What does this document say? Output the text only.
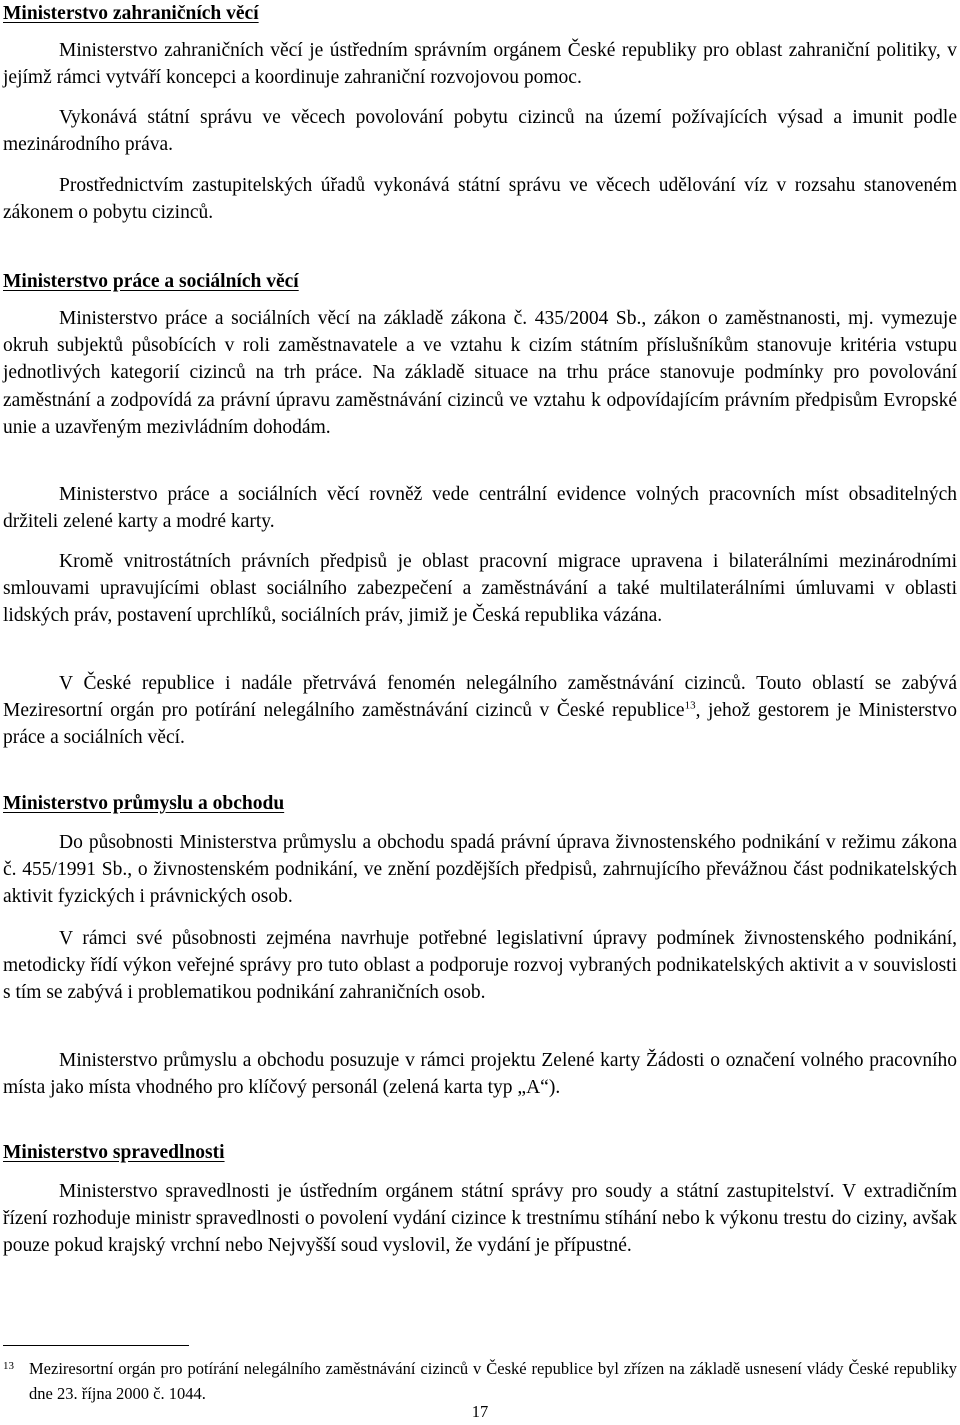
Ministerstvo zahraničních věcí

Ministerstvo zahraničních věcí je ústředním správním orgánem České republiky pro oblast zahraniční politiky, v jejímž rámci vytváří koncepci a koordinuje zahraniční rozvojovou pomoc.

Vykonává státní správu ve věcech povolování pobytu cizinců na území požívajících výsad a imunit podle mezinárodního práva.

Prostřednictvím zastupitelských úřadů vykonává státní správu ve věcech udělování víz v rozsahu stanoveném zákonem o pobytu cizinců.

Ministerstvo práce a sociálních věcí

Ministerstvo práce a sociálních věcí na základě zákona č. 435/2004 Sb., zákon o zaměstnanosti, mj. vymezuje okruh subjektů působících v roli zaměstnavatele a ve vztahu k cizím státním příslušníkům stanovuje kritéria vstupu jednotlivých kategorií cizinců na trh práce. Na základě situace na trhu práce stanovuje podmínky pro povolování zaměstnání a zodpovídá za právní úpravu zaměstnávání cizinců ve vztahu k odpovídajícím právním předpisům Evropské unie a uzavřeným mezivládním dohodám.

Ministerstvo práce a sociálních věcí rovněž vede centrální evidence volných pracovních míst obsaditelných držiteli zelené karty a modré karty.

Kromě vnitrostátních právních předpisů je oblast pracovní migrace upravena i bilaterálními mezinárodními smlouvami upravujícími oblast sociálního zabezpečení a zaměstnávání a také multilaterálními úmluvami v oblasti lidských práv, postavení uprchlíků, sociálních práv, jimiž je Česká republika vázána.

V České republice i nadále přetrvává fenomén nelegálního zaměstnávání cizinců. Touto oblastí se zabývá Meziresortní orgán pro potírání nelegálního zaměstnávání cizinců v České republice$^{13}$, jehož gestorem je Ministerstvo práce a sociálních věcí.

Ministerstvo průmyslu a obchodu

Do působnosti Ministerstva průmyslu a obchodu spadá právní úprava živnostenského podnikání v režimu zákona č. 455/1991 Sb., o živnostenském podnikání, ve znění pozdějších předpisů, zahrnujícího převážnou část podnikatelských aktivit fyzických i právnických osob.

V rámci své působnosti zejména navrhuje potřebné legislativní úpravy podmínek živnostenského podnikání, metodicky řídí výkon veřejné správy pro tuto oblast a podporuje rozvoj vybraných podnikatelských aktivit a v souvislosti s tím se zabývá i problematikou podnikání zahraničních osob.

Ministerstvo průmyslu a obchodu posuzuje v rámci projektu Zelené karty Žádosti o označení volného pracovního místa jako místa vhodného pro klíčový personál (zelená karta typ „A“).

Ministerstvo spravedlnosti

Ministerstvo spravedlnosti je ústředním orgánem státní správy pro soudy a státní zastupitelství. V extradičním řízení rozhoduje ministr spravedlnosti o povolení vydání cizince k trestnímu stíhání nebo k výkonu trestu do ciziny, avšak pouze pokud krajský vrchní nebo Nejvyšší soud vyslovil, že vydání je přípustné.

13 Meziresortní orgán pro potírání nelegálního zaměstnávání cizinců v České republice byl zřízen na základě usnesení vlády České republiky dne 23. října 2000 č. 1044.
17
